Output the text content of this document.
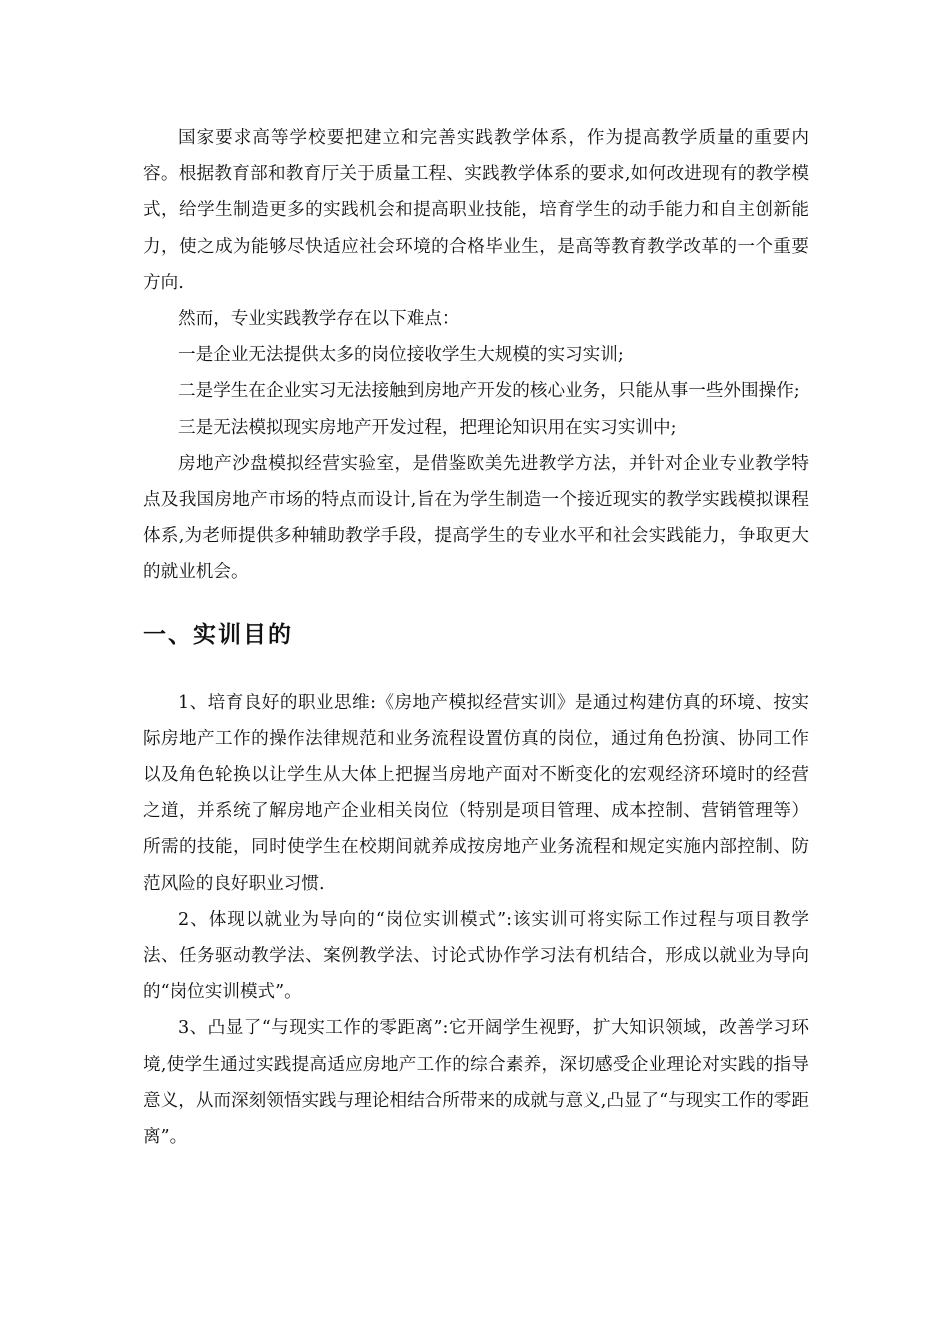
国家要求高等学校要把建立和完善实践教学体系，作为提高教学质量的重要内容。根据教育部和教育厅关于质量工程、实践教学体系的要求,如何改进现有的教学模式，给学生制造更多的实践机会和提高职业技能，培育学生的动手能力和自主创新能力，使之成为能够尽快适应社会环境的合格毕业生，是高等教育教学改革的一个重要方向.

然而，专业实践教学存在以下难点：

一是企业无法提供太多的岗位接收学生大规模的实习实训;

二是学生在企业实习无法接触到房地产开发的核心业务，只能从事一些外围操作;

三是无法模拟现实房地产开发过程，把理论知识用在实习实训中;

房地产沙盘模拟经营实验室，是借鉴欧美先进教学方法，并针对企业专业教学特点及我国房地产市场的特点而设计,旨在为学生制造一个接近现实的教学实践模拟课程体系,为老师提供多种辅助教学手段，提高学生的专业水平和社会实践能力，争取更大的就业机会。

一、实训目的

1、培育良好的职业思维:《房地产模拟经营实训》是通过构建仿真的环境、按实际房地产工作的操作法律规范和业务流程设置仿真的岗位，通过角色扮演、协同工作以及角色轮换以让学生从大体上把握当房地产面对不断变化的宏观经济环境时的经营之道，并系统了解房地产企业相关岗位（特别是项目管理、成本控制、营销管理等）所需的技能，同时使学生在校期间就养成按房地产业务流程和规定实施内部控制、防范风险的良好职业习惯.

2、体现以就业为导向的“岗位实训模式”:该实训可将实际工作过程与项目教学法、任务驱动教学法、案例教学法、讨论式协作学习法有机结合，形成以就业为导向的“岗位实训模式”。

3、凸显了“与现实工作的零距离”:它开阔学生视野，扩大知识领域，改善学习环境,使学生通过实践提高适应房地产工作的综合素养，深切感受企业理论对实践的指导意义，从而深刻领悟实践与理论相结合所带来的成就与意义,凸显了“与现实工作的零距离”。
